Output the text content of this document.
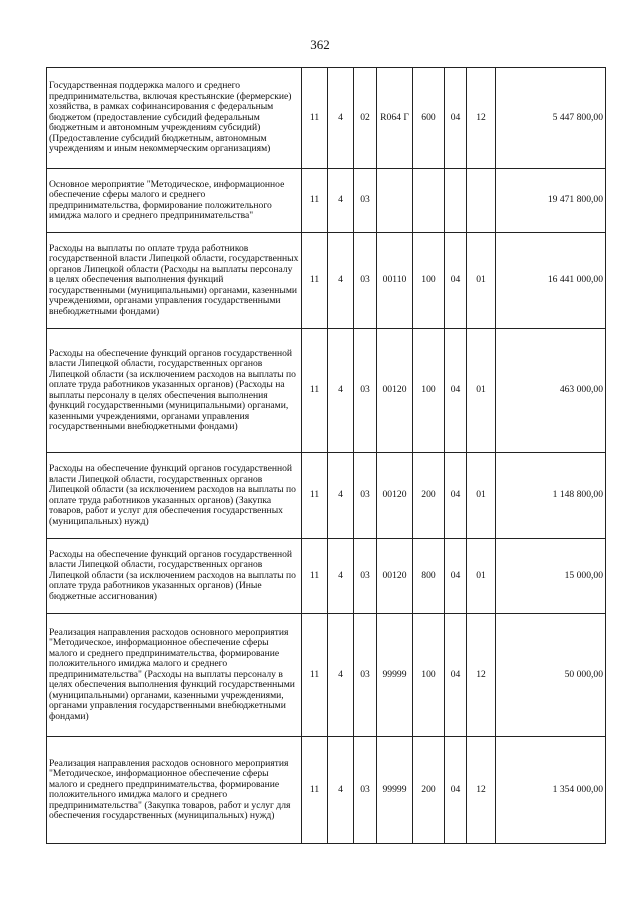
362
Государственная поддержка малого и среднего предпринимательства, включая крестьянские (фермерские) хозяйства, в рамках софинансирования с федеральным бюджетом (предоставление субсидий федеральным бюджетным и автономным учреждениям субсидий) (Предоставление субсидий бюджетным, автономным учреждениям и иным некоммерческим организациям)	11	4	02	R064 Г	600	04	12	5 447 800,00
Основное мероприятие "Методическое, информационное обеспечение сферы малого и среднего предпринимательства, формирование положительного имиджа малого и среднего предпринимательства"	11	4	03					19 471 800,00
Расходы на выплаты по оплате труда работников государственной власти Липецкой области, государственных органов Липецкой области (Расходы на выплаты персоналу в целях обеспечения выполнения функций государственными (муниципальными) органами, казенными учреждениями, органами управления государственными внебюджетными фондами)	11	4	03	00110	100	04	01	16 441 000,00
Расходы на обеспечение функций органов государственной власти Липецкой области, государственных органов Липецкой области (за исключением расходов на выплаты по оплате труда работников указанных органов) (Расходы на выплаты персоналу в целях обеспечения выполнения функций государственными (муниципальными) органами, казенными учреждениями, органами управления государственными внебюджетными фондами)	11	4	03	00120	100	04	01	463 000,00
Расходы на обеспечение функций органов государственной власти Липецкой области, государственных органов Липецкой области (за исключением расходов на выплаты по оплате труда работников указанных органов) (Закупка товаров, работ и услуг для обеспечения государственных (муниципальных) нужд)	11	4	03	00120	200	04	01	1 148 800,00
Расходы на обеспечение функций органов государственной власти Липецкой области, государственных органов Липецкой области (за исключением расходов на выплаты по оплате труда работников указанных органов) (Иные бюджетные ассигнования)	11	4	03	00120	800	04	01	15 000,00
Реализация направления расходов основного мероприятия "Методическое, информационное обеспечение сферы малого и среднего предпринимательства, формирование положительного имиджа малого и среднего предпринимательства" (Расходы на выплаты персоналу в целях обеспечения выполнения функций государственными (муниципальными) органами, казенными учреждениями, органами управления государственными внебюджетными фондами)	11	4	03	99999	100	04	12	50 000,00
Реализация направления расходов основного мероприятия "Методическое, информационное обеспечение сферы малого и среднего предпринимательства, формирование положительного имиджа малого и среднего предпринимательства" (Закупка товаров, работ и услуг для обеспечения государственных (муниципальных) нужд)	11	4	03	99999	200	04	12	1 354 000,00
